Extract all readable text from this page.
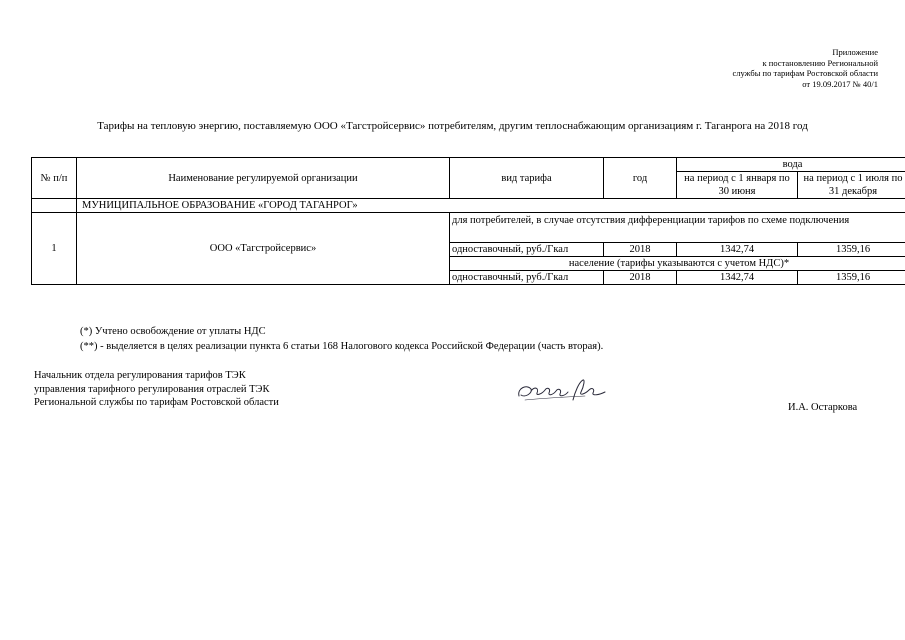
Приложение
к постановлению Региональной
службы по тарифам Ростовской области
от 19.09.2017 № 40/1
Тарифы на тепловую энергию, поставляемую ООО «Тагстройсервис» потребителям, другим теплоснабжающим организациям г. Таганрога на 2018 год
№ п/п	Наименование регулируемой организации	вид тарифа	год	вода	
				на период с 1 января по 30 июня	на период с 1 июля по 31 декабря
	МУНИЦИПАЛЬНОЕ ОБРАЗОВАНИЕ «ГОРОД ТАГАНРОГ»				
1	ООО «Тагстройсервис»	для потребителей, в случае отсутствия дифференциации тарифов по схеме подключения			
		одноставочный, руб./Гкал	2018	1342,74	1359,16
		население (тарифы указываются с учетом НДС)*			
		одноставочный, руб./Гкал	2018	1342,74	1359,16
(*) Учтено освобождение от уплаты НДС
(**) - выделяется в целях реализации пункта 6 статьи 168 Налогового кодекса Российской Федерации (часть вторая).
Начальник отдела регулирования тарифов ТЭК
управления тарифного регулирования отраслей ТЭК
Региональной службы по тарифам Ростовской области	И.А. Остаркова
